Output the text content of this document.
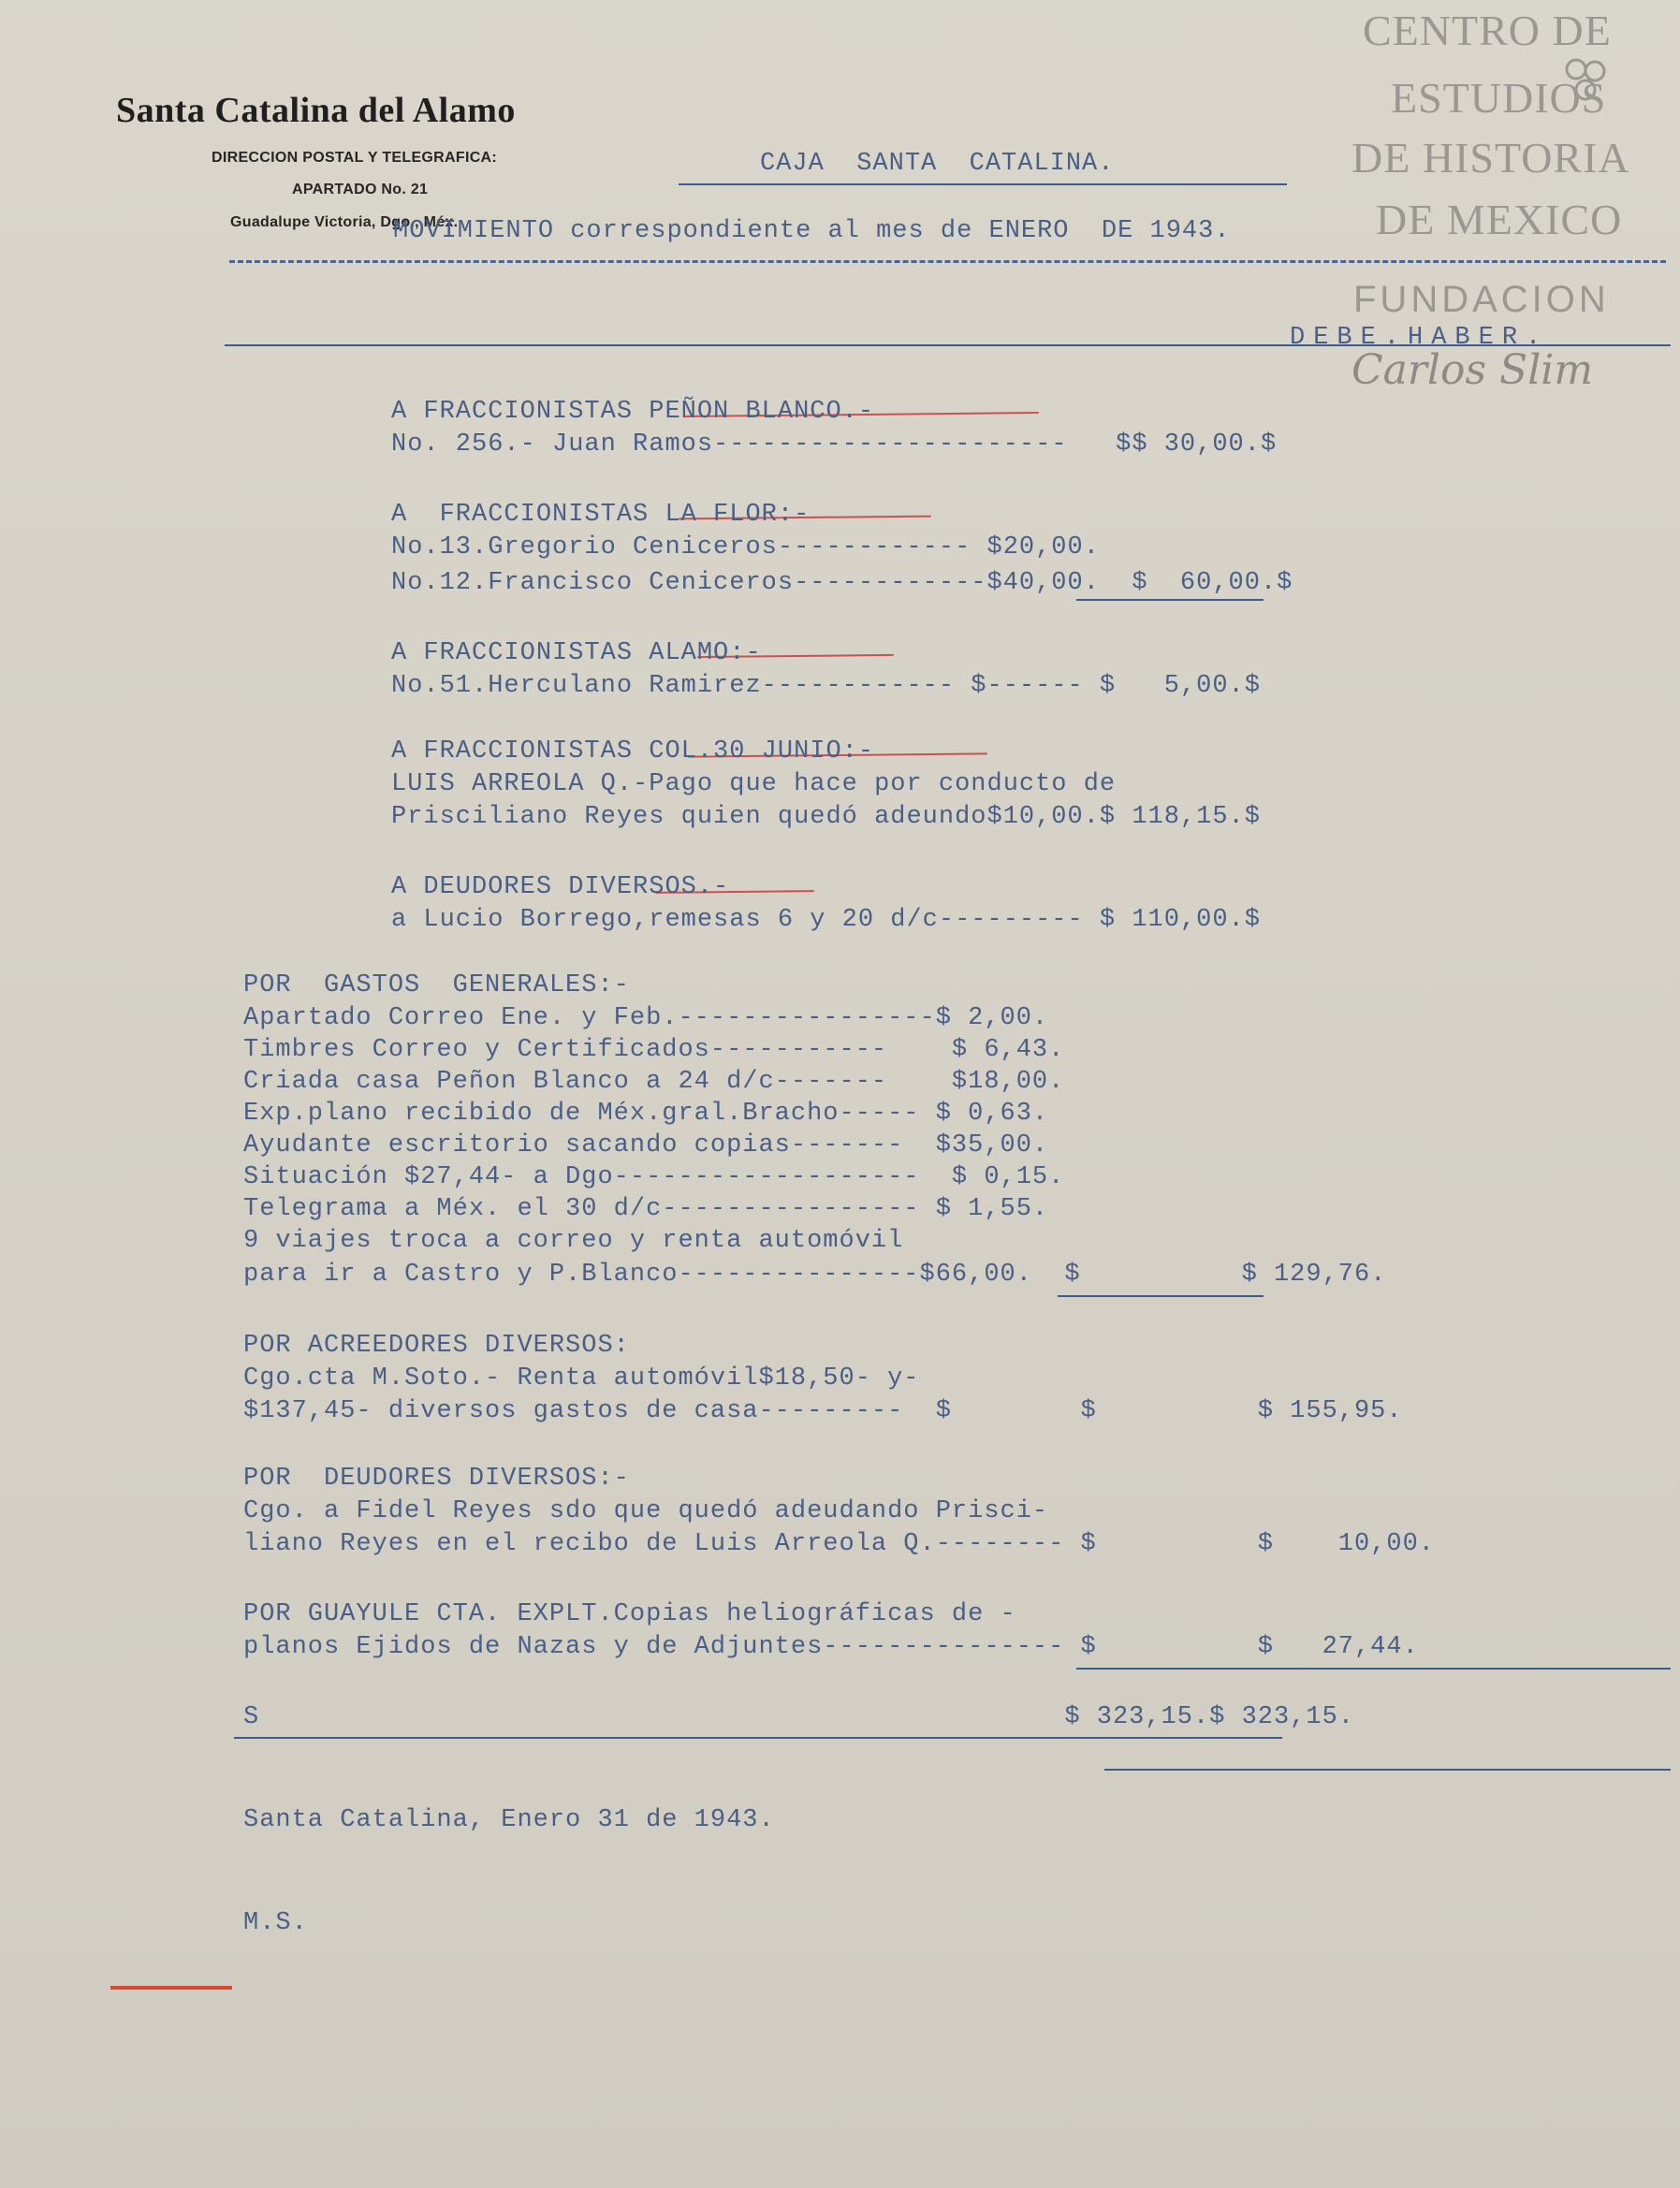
CENTRO DE
ESTUDIOS
DE HISTORIA
DE MEXICO
FUNDACION
Carlos Slim
Santa Catalina del Alamo
DIRECCION POSTAL Y TELEGRAFICA:
APARTADO No. 21
Guadalupe Victoria, Dgo., Méx.
CAJA  SANTA  CATALINA.
MOVIMIENTO correspondiente al mes de ENERO  DE 1943.
DEBE.HABER.
A FRACCIONISTAS PEÑON BLANCO.-
No. 256.- Juan Ramos----------------------   $$ 30,00.$
A  FRACCIONISTAS LA FLOR:-
No.13.Gregorio Ceniceros------------ $20,00.
No.12.Francisco Ceniceros------------$40,00.  $  60,00.$
A FRACCIONISTAS ALAMO:-
No.51.Herculano Ramirez------------ $------ $   5,00.$
A FRACCIONISTAS COL.30 JUNIO:-
LUIS ARREOLA Q.-Pago que hace por conducto de
Prisciliano Reyes quien quedó adeundo$10,00.$ 118,15.$
A DEUDORES DIVERSOS.-
a Lucio Borrego,remesas 6 y 20 d/c--------- $ 110,00.$
POR  GASTOS  GENERALES:-
Apartado Correo Ene. y Feb.----------------$ 2,00.
Timbres Correo y Certificados-----------    $ 6,43.
Criada casa Peñon Blanco a 24 d/c-------    $18,00.
Exp.plano recibido de Méx.gral.Bracho----- $ 0,63.
Ayudante escritorio sacando copias-------  $35,00.
Situación $27,44- a Dgo-------------------  $ 0,15.
Telegrama a Méx. el 30 d/c---------------- $ 1,55.
9 viajes troca a correo y renta automóvil
para ir a Castro y P.Blanco---------------$66,00.  $          $ 129,76.
POR ACREEDORES DIVERSOS:
Cgo.cta M.Soto.- Renta automóvil$18,50- y-
$137,45- diversos gastos de casa---------  $        $          $ 155,95.
POR  DEUDORES DIVERSOS:-
Cgo. a Fidel Reyes sdo que quedó adeudando Prisci-
liano Reyes en el recibo de Luis Arreola Q.-------- $          $    10,00.
POR GUAYULE CTA. EXPLT.Copias heliográficas de -
planos Ejidos de Nazas y de Adjuntes--------------- $          $   27,44.
S                                                  $ 323,15.$ 323,15.
Santa Catalina, Enero 31 de 1943.
M.S.
